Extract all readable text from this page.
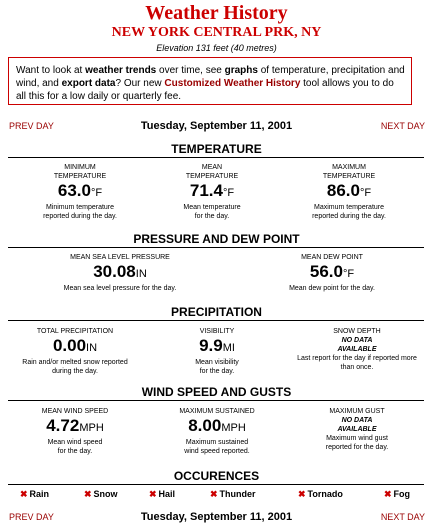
Weather History
NEW YORK CENTRAL PRK, NY
Elevation 131 feet (40 metres)
Want to look at weather trends over time, see graphs of temperature, precipitation and wind, and export data? Our new Customized Weather History tool allows you to do all this for a low daily or quarterly fee.
PREV DAY	Tuesday, September 11, 2001	NEXT DAY
TEMPERATURE
MINIMUM
TEMPERATURE
63.0°F
Minimum temperature
reported during the day.
MEAN
TEMPERATURE
71.4°F
Mean temperature
for the day.
MAXIMUM
TEMPERATURE
86.0°F
Maximum temperature
reported during the day.
PRESSURE AND DEW POINT
MEAN SEA LEVEL PRESSURE
30.08IN
Mean sea level pressure for the day.
MEAN DEW POINT
56.0°F
Mean dew point for the day.
PRECIPITATION
TOTAL PRECIPITATION
0.00IN
Rain and/or melted snow reported
during the day.
VISIBILITY
9.9MI
Mean visibility
for the day.
SNOW DEPTH
NO DATA
AVAILABLE
Last report for the day if reported more
than once.
WIND SPEED AND GUSTS
MEAN WIND SPEED
4.72MPH
Mean wind speed
for the day.
MAXIMUM SUSTAINED
8.00MPH
Maximum sustained
wind speed reported.
MAXIMUM GUST
NO DATA
AVAILABLE
Maximum wind gust
reported for the day.
OCCURENCES
✖ Rain	✖ Snow	✖ Hail	✖ Thunder	✖ Tornado	✖ Fog
PREV DAY	Tuesday, September 11, 2001	NEXT DAY
